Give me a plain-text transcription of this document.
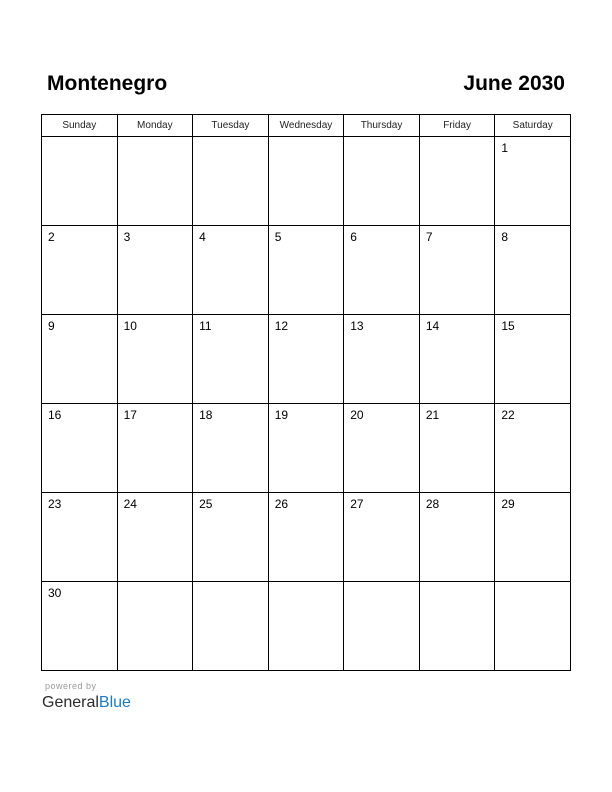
Montenegro	June 2030
Sunday	Monday	Tuesday	Wednesday	Thursday	Friday	Saturday

						1

2	3	4	5	6	7	8

9	10	11	12	13	14	15

16	17	18	19	20	21	22

23	24	25	26	27	28	29

30						

powered by
GeneralBlue
